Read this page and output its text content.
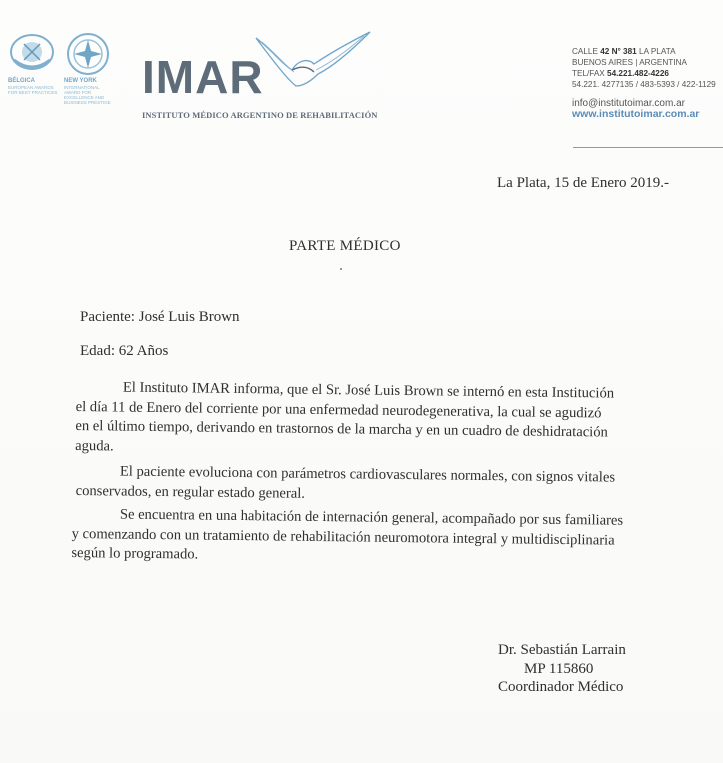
BÉLGICA	NEW YORK
EUROPEAN AWARDS FOR BEST PRACTICES
INTERNATIONAL AWARD FOR EXCELLENCE AND BUSINESS PRESTIGE IMAR
INSTITUTO MÉDICO ARGENTINO DE REHABILITACIÓN
CALLE 42 N° 381 LA PLATA
BUENOS AIRES | ARGENTINA
TEL/FAX 54.221.482-4226
54.221. 4277135 / 483-5393 / 422-1129
info@institutoimar.com.ar
www.institutoimar.com.ar
La Plata, 15 de Enero 2019.-
PARTE MÉDICO
Paciente: José Luis Brown
Edad: 62 Años
El Instituto IMAR informa, que el Sr. José Luis Brown se internó en esta Institución
el día 11 de Enero del corriente por una enfermedad neurodegenerativa, la cual se agudizó
en el último tiempo, derivando en trastornos de la marcha y en un cuadro de deshidratación
aguda.
El paciente evoluciona con parámetros cardiovasculares normales, con signos vitales
conservados, en regular estado general.
Se encuentra en una habitación de internación general, acompañado por sus familiares
y comenzando con un tratamiento de rehabilitación neuromotora integral y multidisciplinaria
según lo programado.
Dr. Sebastián Larrain
MP 115860
Coordinador Médico
